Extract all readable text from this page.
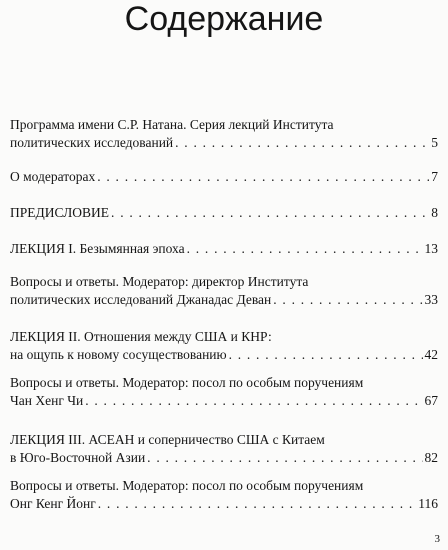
Содержание
Программа имени С.Р. Натана. Серия лекций Института
политических исследований . . .	5
О модераторах . . .	7
ПРЕДИСЛОВИЕ . . .	8
ЛЕКЦИЯ I. Безымянная эпоха . . .	13
Вопросы и ответы. Модератор: директор Института
политических исследований Джанадас Деван . . .	33
ЛЕКЦИЯ II. Отношения между США и КНР:
на ощупь к новому сосуществованию . . .	42
Вопросы и ответы. Модератор: посол по особым поручениям
Чан Хенг Чи . . .	67
ЛЕКЦИЯ III. АСЕАН и соперничество США с Китаем
в Юго-Восточной Азии . . .	82
Вопросы и ответы. Модератор: посол по особым поручениям
Онг Кенг Йонг . . .	116
3
